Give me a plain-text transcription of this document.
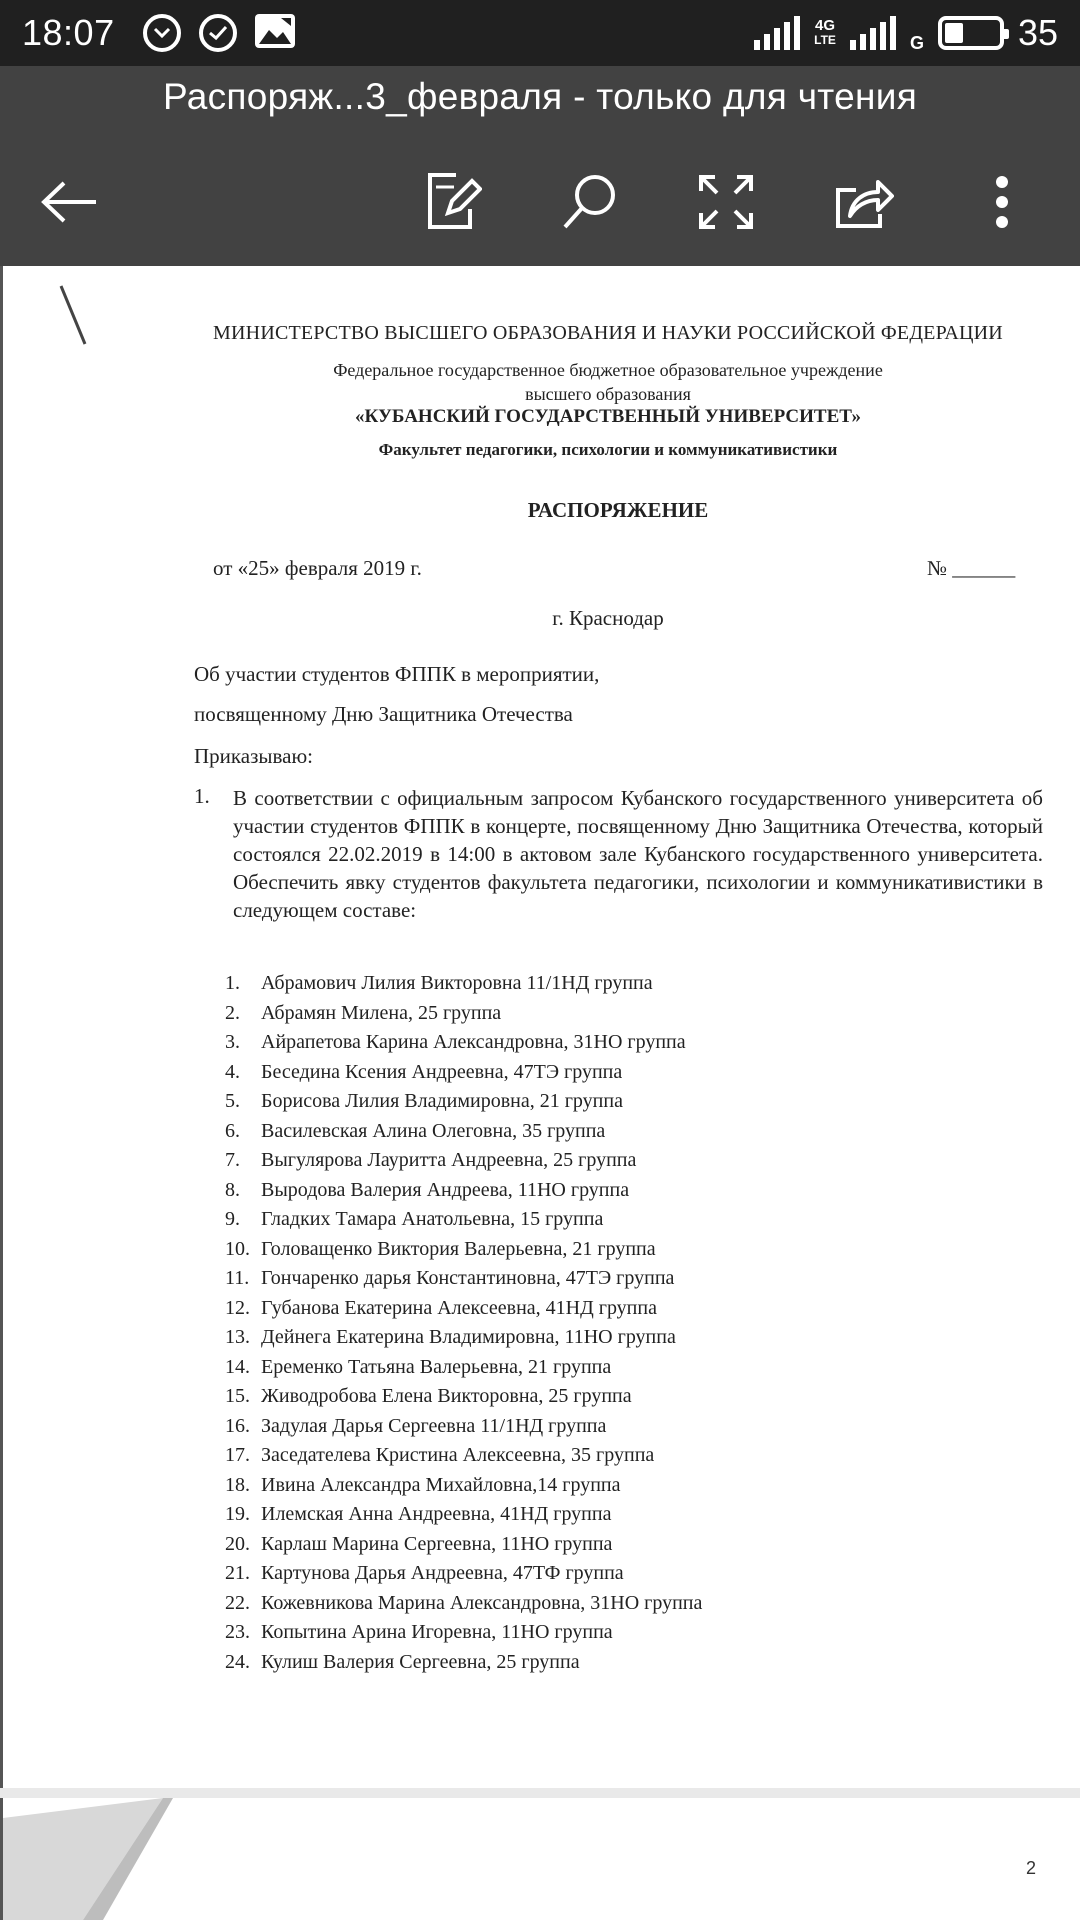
18:07	4G
LTE	G	35
Распоряж...3_февраля - только для чтения
МИНИСТЕРСТВО ВЫСШЕГО ОБРАЗОВАНИЯ И НАУКИ РОССИЙСКОЙ ФЕДЕРАЦИИ
Федеральное государственное бюджетное образовательное учреждение
высшего образования
«КУБАНСКИЙ ГОСУДАРСТВЕННЫЙ УНИВЕРСИТЕТ»
Факультет педагогики, психологии и коммуникативистики
РАСПОРЯЖЕНИЕ
от «25» февраля 2019 г.	№ ______
г. Краснодар
Об участии студентов ФППК в мероприятии,
посвященному Дню Защитника Отечества
Приказываю:
1. В соответствии с официальным запросом Кубанского государственного университета об участии студентов ФППК в концерте, посвященному Дню Защитника Отечества, который состоялся 22.02.2019 в 14:00 в актовом зале Кубанского государственного университета. Обеспечить явку студентов факультета педагогики, психологии и коммуникативистики в следующем составе:
1.	Абрамович Лилия Викторовна 11/1НД группа
2.	Абрамян Милена, 25 группа
3.	Айрапетова Карина Александровна, 31НО группа
4.	Беседина Ксения Андреевна, 47ТЭ группа
5.	Борисова Лилия Владимировна, 21 группа
6.	Василевская Алина Олеговна, 35 группа
7.	Выгулярова Лауритта Андреевна, 25 группа
8.	Выродова Валерия Андреева, 11НО группа
9.	Гладких Тамара Анатольевна, 15 группа
10. Головащенко Виктория Валерьевна, 21 группа
11. Гончаренко дарья Константиновна, 47ТЭ группа
12. Губанова Екатерина Алексеевна, 41НД группа
13. Дейнега Екатерина Владимировна, 11НО группа
14. Еременко Татьяна Валерьевна, 21 группа
15. Живодробова Елена Викторовна, 25 группа
16. Задулая Дарья Сергеевна 11/1НД группа
17. Заседателева Кристина Алексеевна, 35 группа
18. Ивина Александра Михайловна,14 группа
19. Илемская Анна Андреевна, 41НД группа
20. Карлаш Марина Сергеевна, 11НО группа
21. Картунова Дарья Андреевна, 47ТФ группа
22. Кожевникова Марина Александровна, 31НО группа
23. Копытина Арина Игоревна, 11НО группа
24. Кулиш Валерия Сергеевна, 25 группа
2
